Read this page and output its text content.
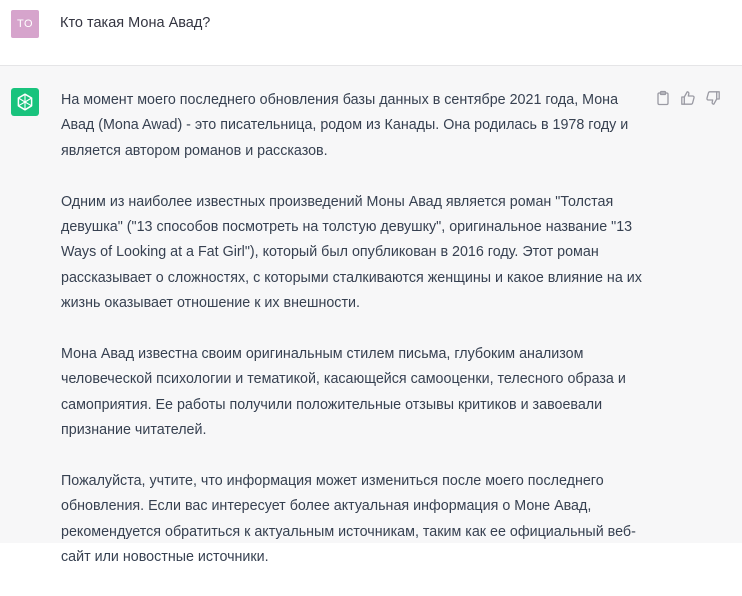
TO	Кто такая Мона Авад?

На момент моего последнего обновления базы данных в сентябре 2021 года, Мона Авад (Mona Awad) - это писательница, родом из Канады. Она родилась в 1978 году и является автором романов и рассказов.

Одним из наиболее известных произведений Моны Авад является роман "Толстая девушка" ("13 способов посмотреть на толстую девушку", оригинальное название "13 Ways of Looking at a Fat Girl"), который был опубликован в 2016 году. Этот роман рассказывает о сложностях, с которыми сталкиваются женщины и какое влияние на их жизнь оказывает отношение к их внешности.

Мона Авад известна своим оригинальным стилем письма, глубоким анализом человеческой психологии и тематикой, касающейся самооценки, телесного образа и самоприятия. Ее работы получили положительные отзывы критиков и завоевали признание читателей.

Пожалуйста, учтите, что информация может измениться после моего последнего обновления. Если вас интересует более актуальная информация о Моне Авад, рекомендуется обратиться к актуальным источникам, таким как ее официальный веб-сайт или новостные источники.
